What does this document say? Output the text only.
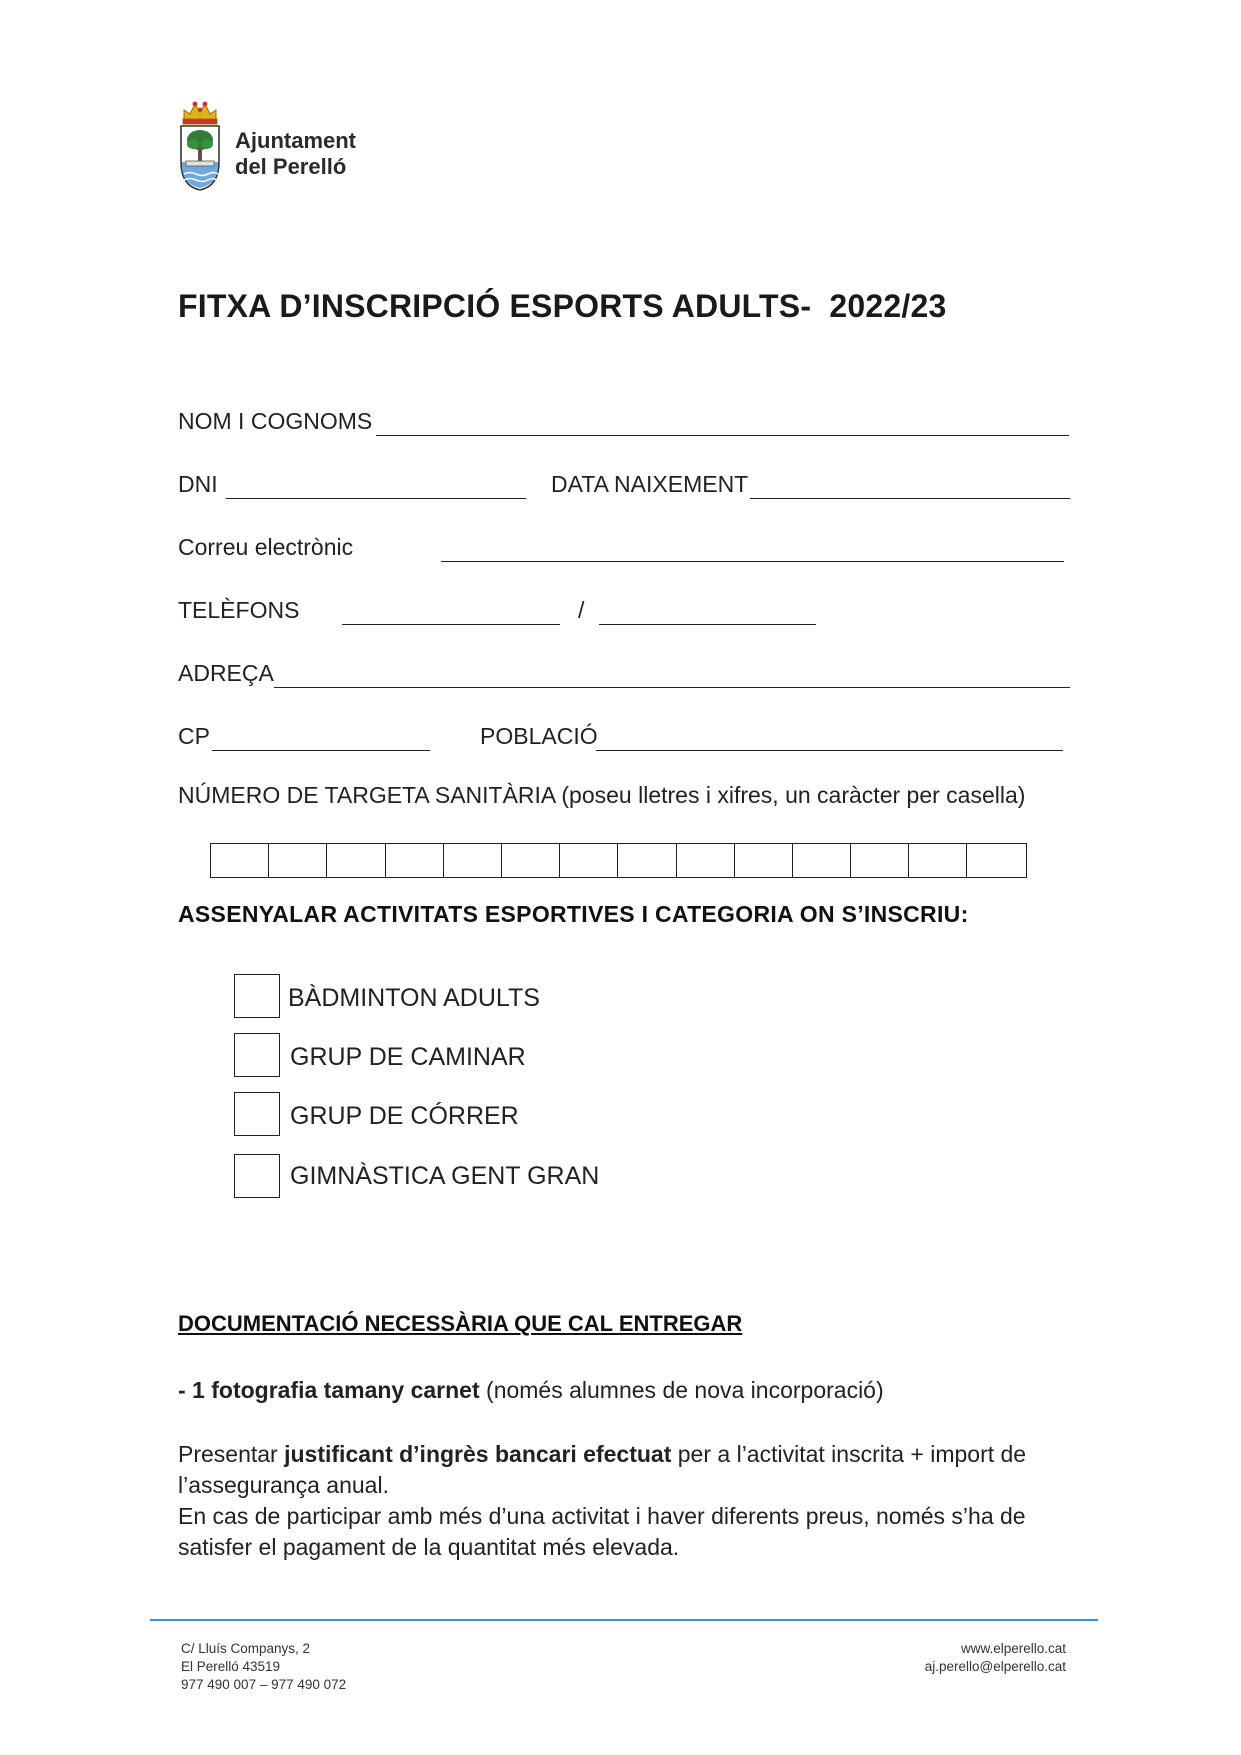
Ajuntament
del Perelló
FITXA D’INSCRIPCIÓ ESPORTS ADULTS-  2022/23
NOM I COGNOMS
DNI	DATA NAIXEMENT
Correu electrònic
TELÈFONS	/
ADREÇA
CP	POBLACIÓ
NÚMERO DE TARGETA SANITÀRIA (poseu lletres i xifres, un caràcter per casella)
ASSENYALAR ACTIVITATS ESPORTIVES I CATEGORIA ON S’INSCRIU:
BÀDMINTON ADULTS
GRUP DE CAMINAR
GRUP DE CÓRRER
GIMNÀSTICA GENT GRAN
DOCUMENTACIÓ NECESSÀRIA QUE CAL ENTREGAR
- 1 fotografia tamany carnet (només alumnes de nova incorporació)
Presentar justificant d’ingrès bancari efectuat per a l’activitat inscrita + import de l’assegurança anual.
En cas de participar amb més d’una activitat i haver diferents preus, només s’ha de satisfer el pagament de la quantitat més elevada.
C/ Lluís Companys, 2
El Perelló 43519
977 490 007 – 977 490 072
www.elperello.cat
aj.perello@elperello.cat
